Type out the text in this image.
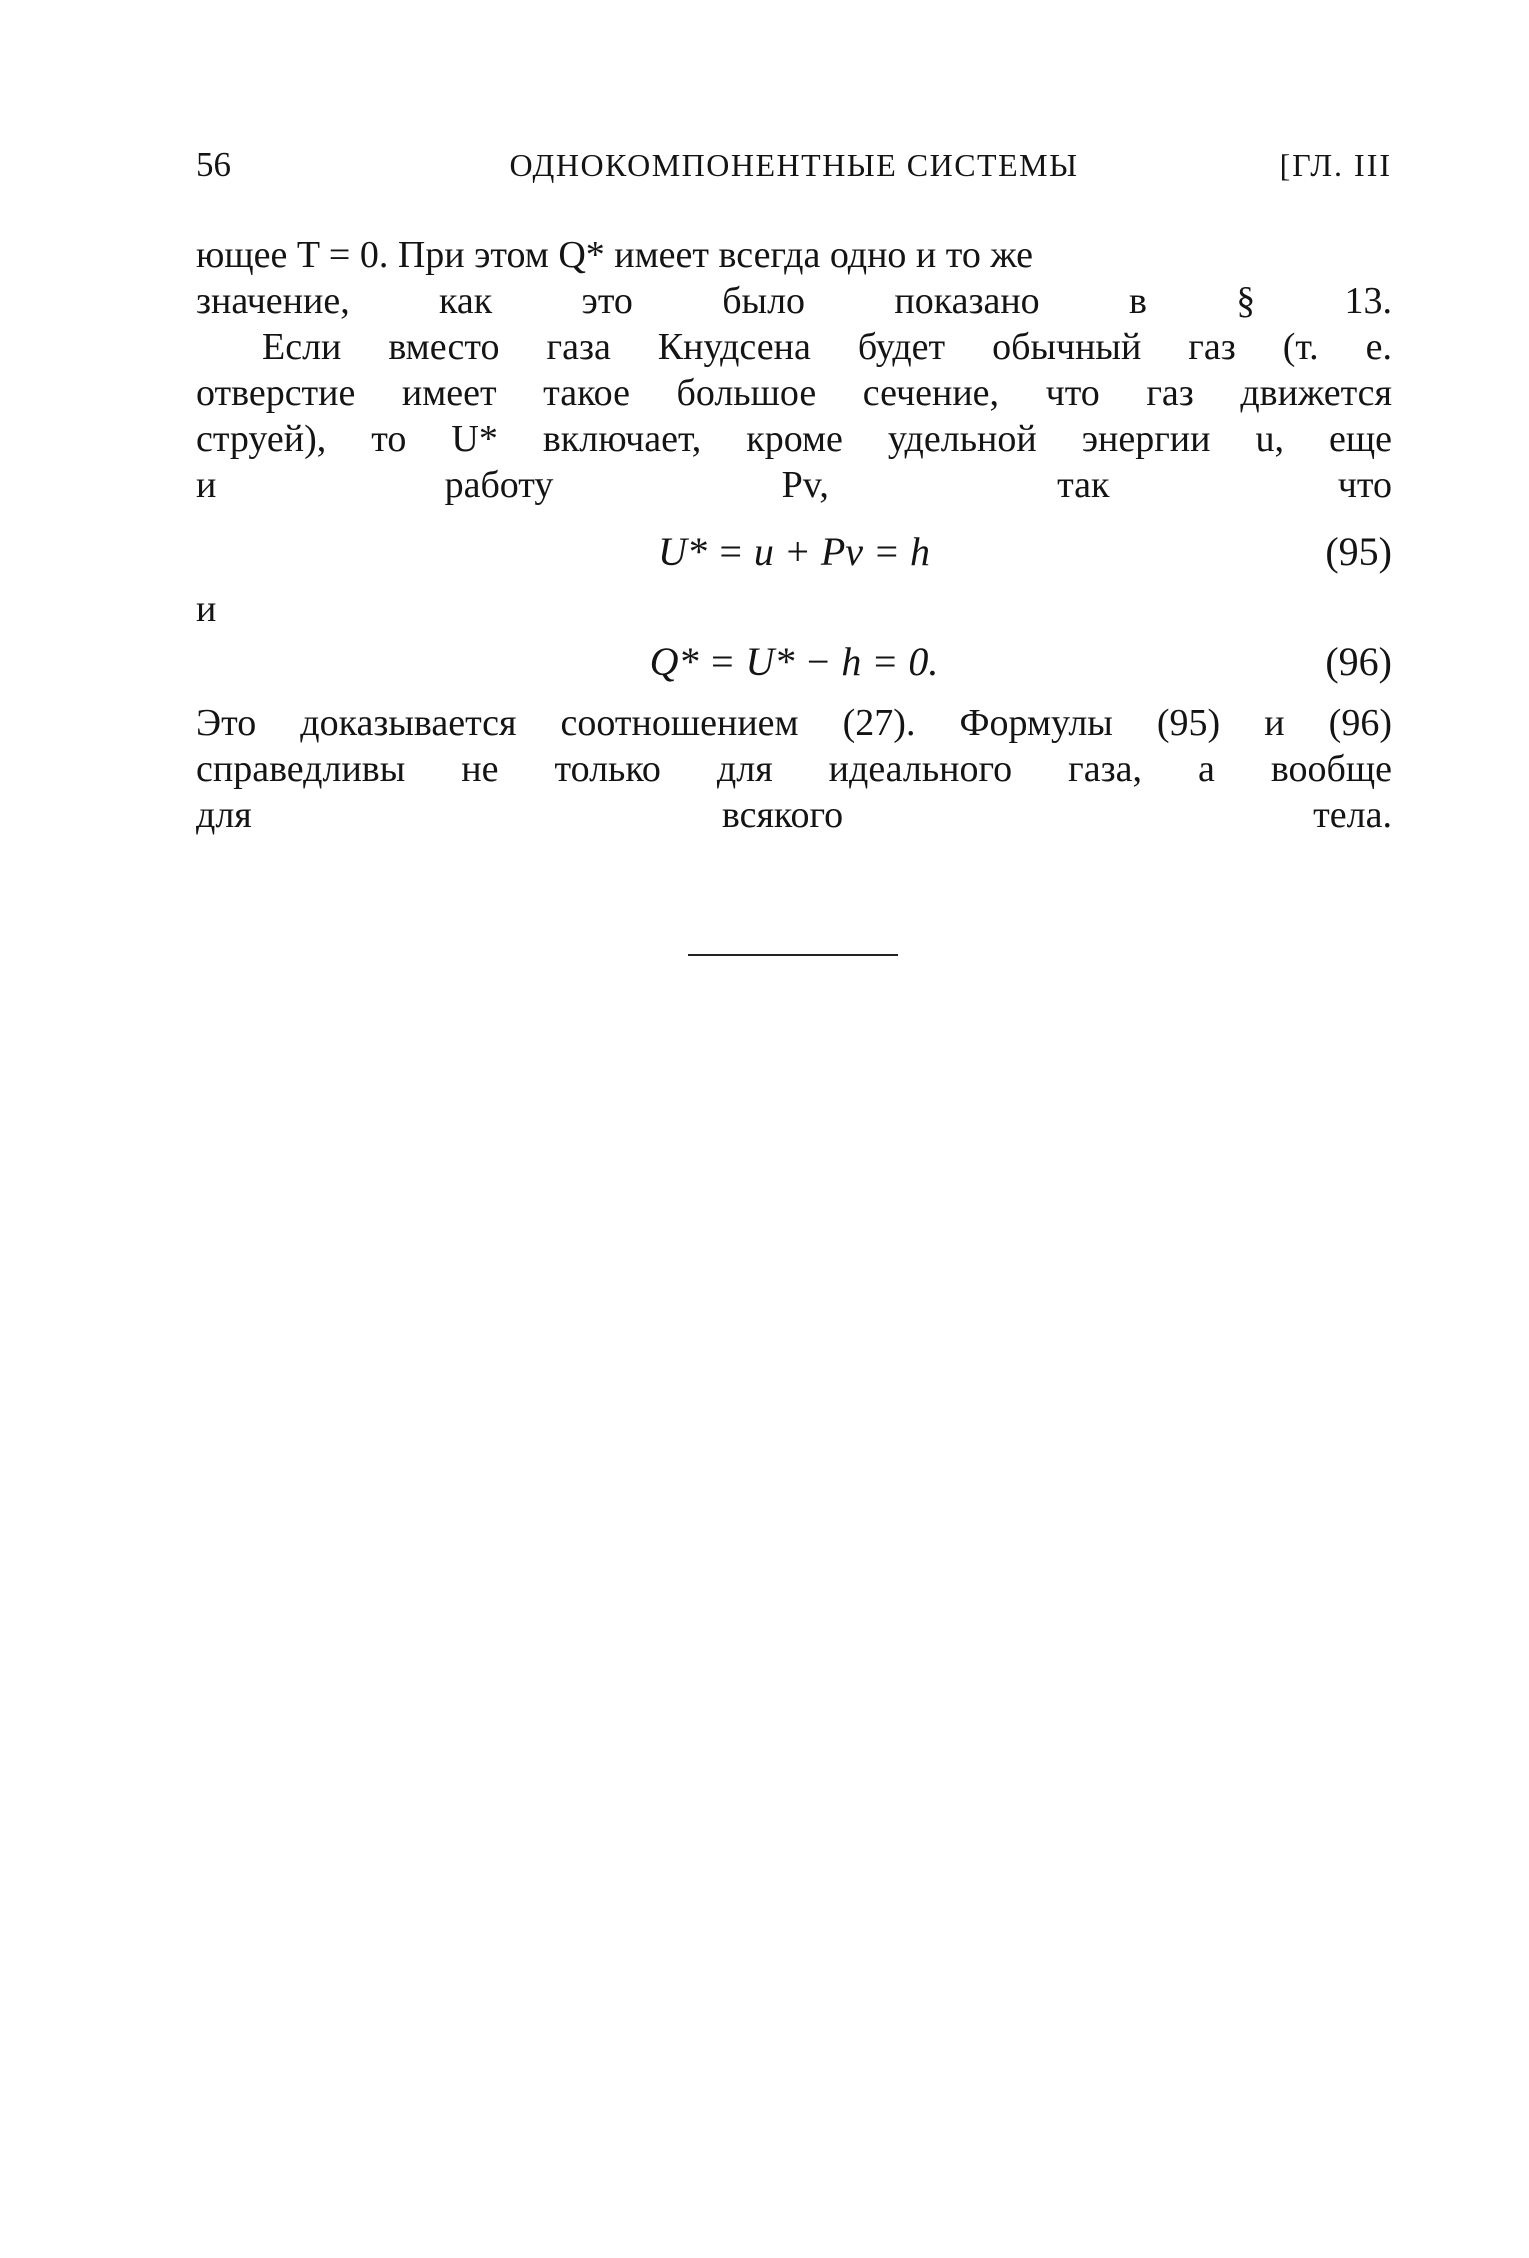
56	ОДНОКОМПОНЕНТНЫЕ СИСТЕМЫ	[ГЛ. III
ющее T = 0. При этом Q* имеет всегда одно и то же
значение, как это было показано в § 13.
Если вместо газа Кнудсена будет обычный газ (т. е.
отверстие имеет такое большое сечение, что газ движется
струей), то U* включает, кроме удельной энергии u, еще
и работу Pv, так что
U* = u + Pv = h	(95)
и
Q* = U* − h = 0.	(96)
Это доказывается соотношением (27). Формулы (95) и (96)
справедливы не только для идеального газа, а вообще
для всякого тела.
